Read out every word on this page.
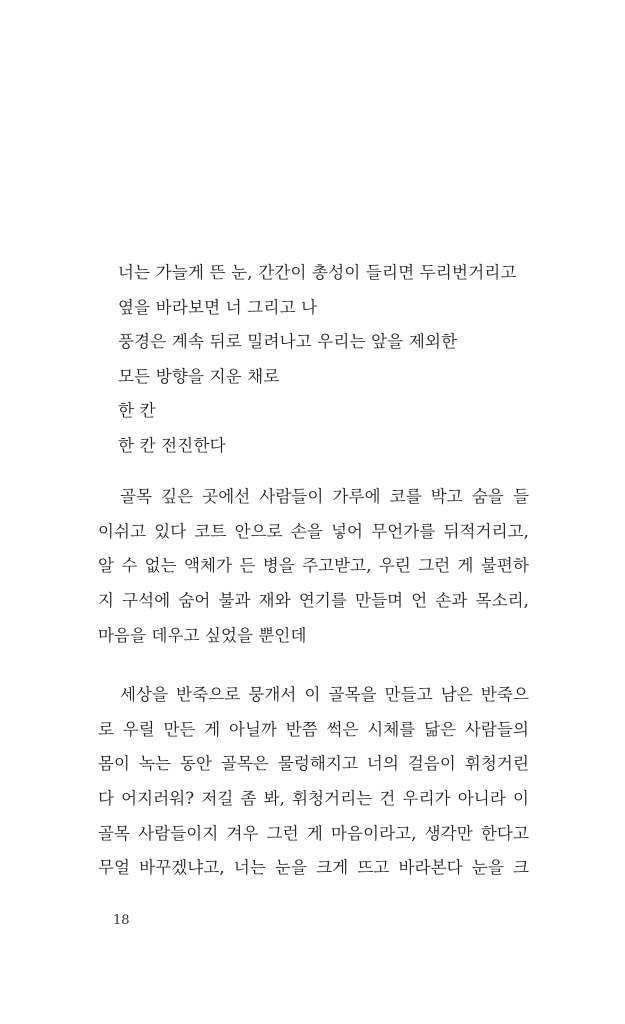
너는 가늘게 뜬 눈, 간간이 총성이 들리면 두리번거리고
옆을 바라보면 너 그리고 나
풍경은 계속 뒤로 밀려나고 우리는 앞을 제외한
모든 방향을 지운 채로
한 칸
한 칸 전진한다
골목 깊은 곳에선 사람들이 가루에 코를 박고 숨을 들
이쉬고 있다 코트 안으로 손을 넣어 무언가를 뒤적거리고,
알 수 없는 액체가 든 병을 주고받고, 우린 그런 게 불편하
지 구석에 숨어 불과 재와 연기를 만들며 언 손과 목소리,
마음을 데우고 싶었을 뿐인데
세상을 반죽으로 뭉개서 이 골목을 만들고 남은 반죽으
로 우릴 만든 게 아닐까 반쯤 썩은 시체를 닮은 사람들의
몸이 녹는 동안 골목은 물렁해지고 너의 걸음이 휘청거린
다 어지러워? 저길 좀 봐, 휘청거리는 건 우리가 아니라 이
골목 사람들이지 겨우 그런 게 마음이라고, 생각만 한다고
무얼 바꾸겠냐고, 너는 눈을 크게 뜨고 바라본다 눈을 크
18
